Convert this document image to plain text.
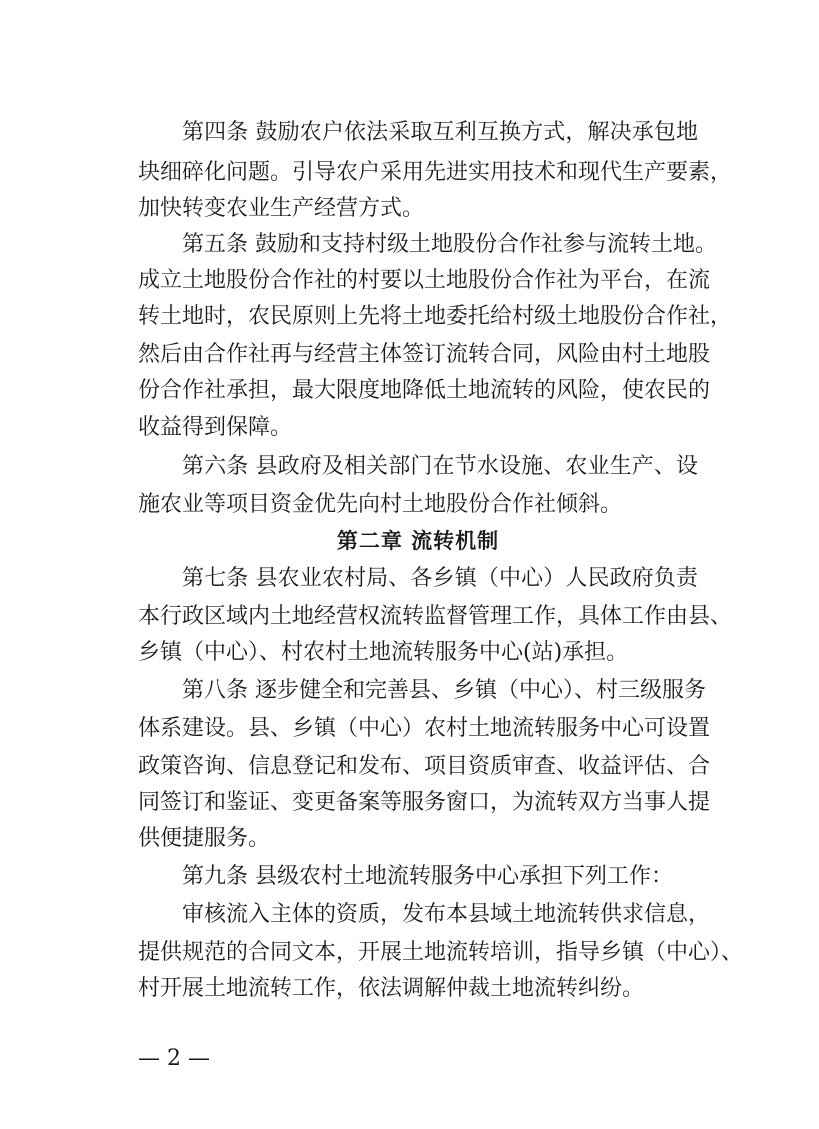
第四条 鼓励农户依法采取互利互换方式，解决承包地
块细碎化问题。引导农户采用先进实用技术和现代生产要素，
加快转变农业生产经营方式。
第五条 鼓励和支持村级土地股份合作社参与流转土地。
成立土地股份合作社的村要以土地股份合作社为平台，在流
转土地时，农民原则上先将土地委托给村级土地股份合作社，
然后由合作社再与经营主体签订流转合同，风险由村土地股
份合作社承担，最大限度地降低土地流转的风险，使农民的
收益得到保障。
第六条 县政府及相关部门在节水设施、农业生产、设
施农业等项目资金优先向村土地股份合作社倾斜。
第二章 流转机制
第七条 县农业农村局、各乡镇（中心）人民政府负责
本行政区域内土地经营权流转监督管理工作，具体工作由县、
乡镇（中心）、村农村土地流转服务中心(站)承担。
第八条 逐步健全和完善县、乡镇（中心）、村三级服务
体系建设。县、乡镇（中心）农村土地流转服务中心可设置
政策咨询、信息登记和发布、项目资质审查、收益评估、合
同签订和鉴证、变更备案等服务窗口，为流转双方当事人提
供便捷服务。
第九条 县级农村土地流转服务中心承担下列工作：
审核流入主体的资质，发布本县域土地流转供求信息，
提供规范的合同文本，开展土地流转培训，指导乡镇（中心）、
村开展土地流转工作，依法调解仲裁土地流转纠纷。
— 2 —
